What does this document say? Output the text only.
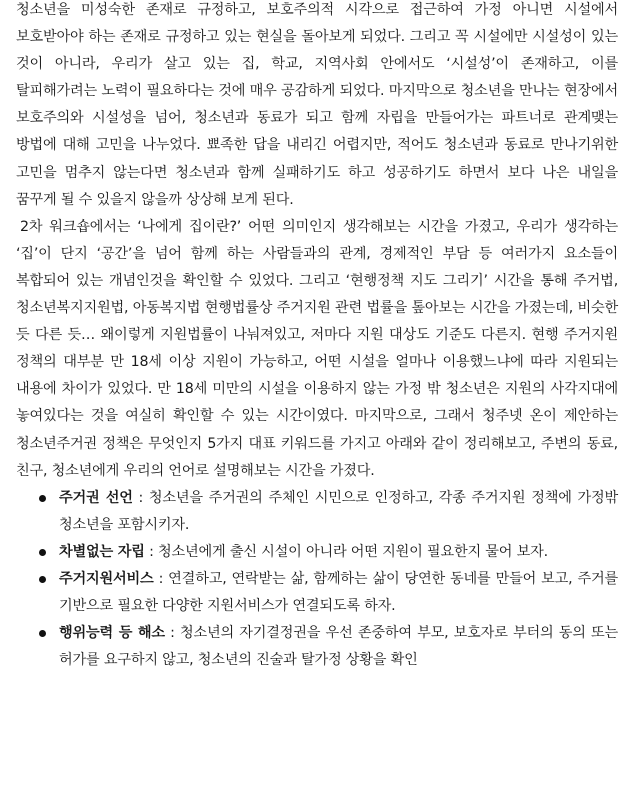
청소년을 미성숙한 존재로 규정하고, 보호주의적 시각으로 접근하여 가정 아니면 시설에서 보호받아야 하는 존재로 규정하고 있는 현실을 돌아보게 되었다. 그리고 꼭 시설에만 시설성이 있는 것이 아니라, 우리가 살고 있는 집, 학교, 지역사회 안에서도 ‘시설성’이 존재하고, 이를 탈피해가려는 노력이 필요하다는 것에 매우 공감하게 되었다. 마지막으로 청소년을 만나는 현장에서 보호주의와 시설성을 넘어, 청소년과 동료가 되고 함께 자립을 만들어가는 파트너로 관계맺는 방법에 대해 고민을 나누었다. 뾰족한 답을 내리긴 어렵지만, 적어도 청소년과 동료로 만나기위한 고민을 멈추지 않는다면 청소년과 함께 실패하기도 하고 성공하기도 하면서 보다 나은 내일을 꿈꾸게 될 수 있을지 않을까 상상해 보게 된다.

2차 워크숍에서는 ‘나에게 집이란?’ 어떤 의미인지 생각해보는 시간을 가졌고, 우리가 생각하는 ‘집’이 단지 ‘공간’을 넘어 함께 하는 사람들과의 관계, 경제적인 부담 등 여러가지 요소들이 복합되어 있는 개념인것을 확인할 수 있었다. 그리고 ‘현행정책 지도 그리기’ 시간을 통해 주거법, 청소년복지지원법, 아동복지법 현행법률상 주거지원 관련 법률을 톺아보는 시간을 가졌는데, 비슷한 듯 다른 듯… 왜이렇게 지원법률이 나눠져있고, 저마다 지원 대상도 기준도 다른지. 현행 주거지원 정책의 대부분 만 18세 이상 지원이 가능하고, 어떤 시설을 얼마나 이용했느냐에 따라 지원되는 내용에 차이가 있었다. 만 18세 미만의 시설을 이용하지 않는 가정 밖 청소년은 지원의 사각지대에 놓여있다는 것을 여실히 확인할 수 있는 시간이였다. 마지막으로, 그래서 청주넷 온이 제안하는 청소년주거권 정책은 무엇인지 5가지 대표 키워드를 가지고 아래와 같이 정리해보고, 주변의 동료, 친구, 청소년에게 우리의 언어로 설명해보는 시간을 가졌다.

주거권 선언 : 청소년을 주거권의 주체인 시민으로 인정하고, 각종 주거지원 정책에 가정밖 청소년을 포함시키자.
차별없는 자립 : 청소년에게 출신 시설이 아니라 어떤 지원이 필요한지 물어 보자.
주거지원서비스 : 연결하고, 연락받는 삶, 함께하는 삶이 당연한 동네를 만들어 보고, 주거를 기반으로 필요한 다양한 지원서비스가 연결되도록 하자.
행위능력 등 해소 : 청소년의 자기결정권을 우선 존중하여 부모, 보호자로 부터의 동의 또는 허가를 요구하지 않고, 청소년의 진술과 탈가정 상황을 확인
